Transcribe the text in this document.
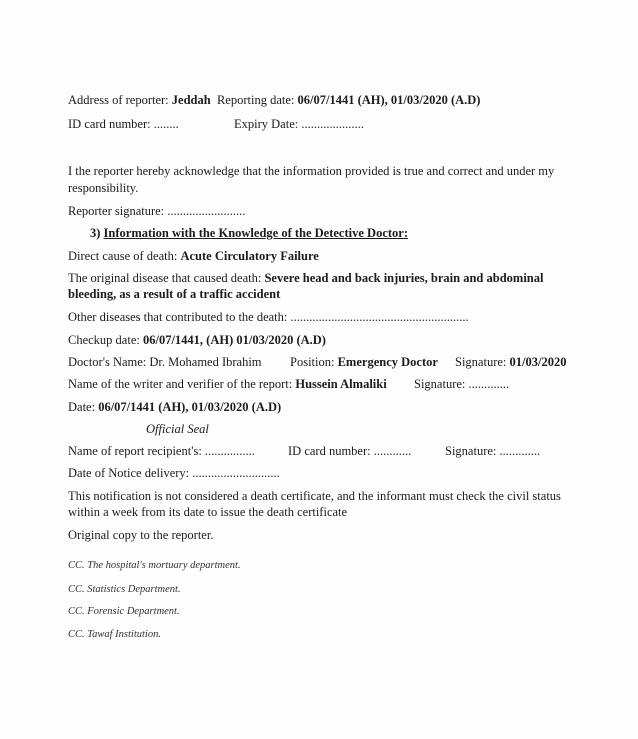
Address of reporter: Jeddah Reporting date: 06/07/1441 (AH), 01/03/2020 (A.D)
ID card number: ........	Expiry Date: ....................
I the reporter hereby acknowledge that the information provided is true and correct and under my
responsibility.
Reporter signature: .........................
3) Information with the Knowledge of the Detective Doctor:
Direct cause of death: Acute Circulatory Failure
The original disease that caused death: Severe head and back injuries, brain and abdominal
bleeding, as a result of a traffic accident
Other diseases that contributed to the death: .........................................................
Checkup date: 06/07/1441, (AH) 01/03/2020 (A.D)
Doctor's Name: Dr. Mohamed Ibrahim Position: Emergency Doctor Signature: 01/03/2020
Name of the writer and verifier of the report: Hussein Almaliki Signature: .............
Date: 06/07/1441 (AH), 01/03/2020 (A.D)
Official Seal
Name of report recipient's: ................	ID card number: ............	Signature: .............
Date of Notice delivery: ............................
This notification is not considered a death certificate, and the informant must check the civil status
within a week from its date to issue the death certificate
Original copy to the reporter.
CC. The hospital's mortuary department.
CC. Statistics Department.
CC. Forensic Department.
CC. Tawaf Institution.
